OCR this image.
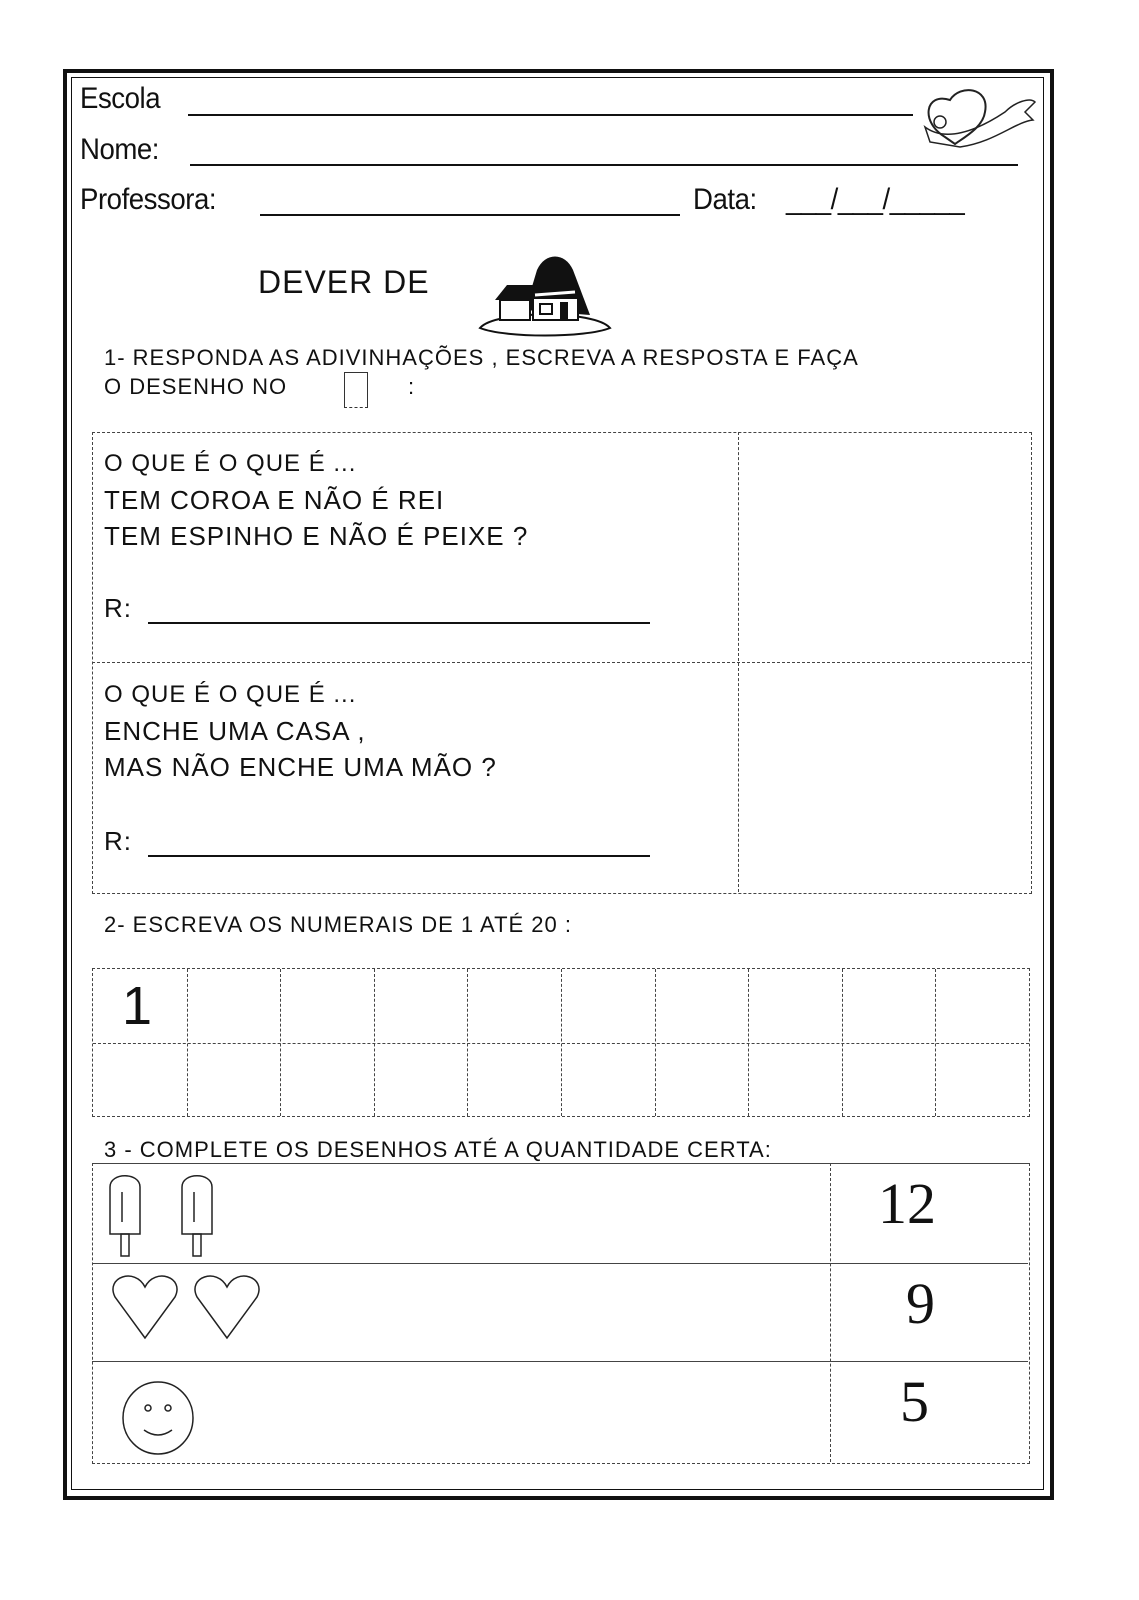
Escola
Nome:
Professora:	Data: ___/___/_____
DEVER DE
1- RESPONDA AS ADIVINHAÇÕES , ESCREVA A RESPOSTA E FAÇA
O DESENHO NO	:
O QUE É O QUE É ...
TEM COROA E NÃO É REI
TEM ESPINHO E NÃO É PEIXE ?
R:
O QUE É O QUE É ...
ENCHE UMA CASA ,
MAS NÃO ENCHE UMA MÃO ?
R:
2- ESCREVA OS NUMERAIS DE 1 ATÉ 20 :
1
3 - COMPLETE OS DESENHOS ATÉ A QUANTIDADE CERTA:
12
9
5
